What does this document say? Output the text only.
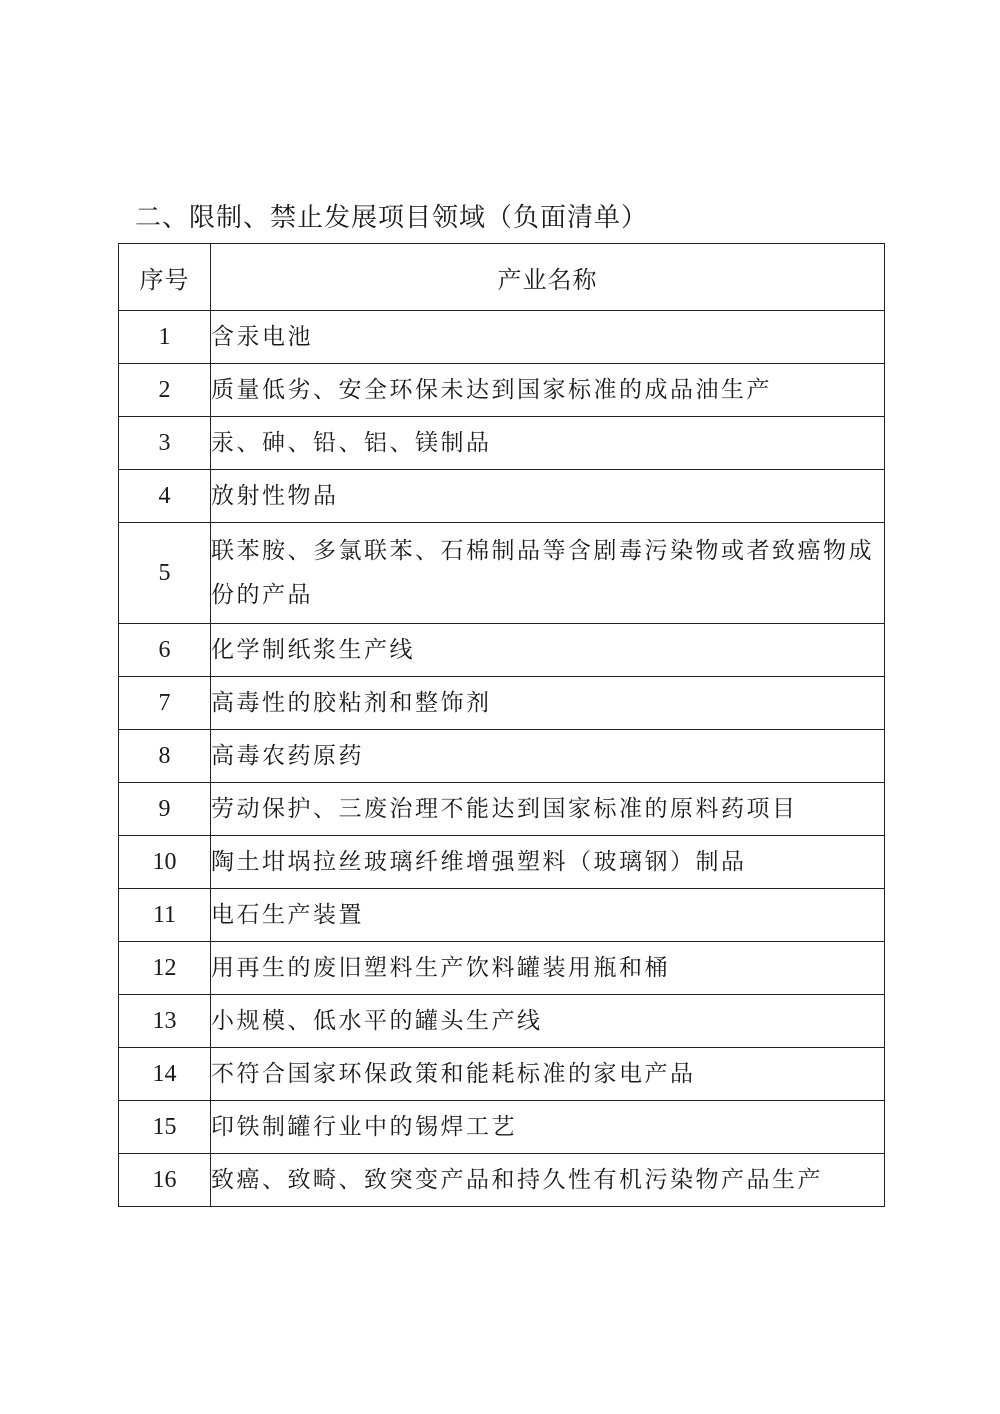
二、限制、禁止发展项目领域（负面清单）
序号	产业名称
1	含汞电池
2	质量低劣、安全环保未达到国家标准的成品油生产
3	汞、砷、铅、铝、镁制品
4	放射性物品
5	联苯胺、多氯联苯、石棉制品等含剧毒污染物或者致癌物成份的产品
6	化学制纸浆生产线
7	高毒性的胶粘剂和整饰剂
8	高毒农药原药
9	劳动保护、三废治理不能达到国家标准的原料药项目
10	陶土坩埚拉丝玻璃纤维增强塑料（玻璃钢）制品
11	电石生产装置
12	用再生的废旧塑料生产饮料罐装用瓶和桶
13	小规模、低水平的罐头生产线
14	不符合国家环保政策和能耗标准的家电产品
15	印铁制罐行业中的锡焊工艺
16	致癌、致畸、致突变产品和持久性有机污染物产品生产
